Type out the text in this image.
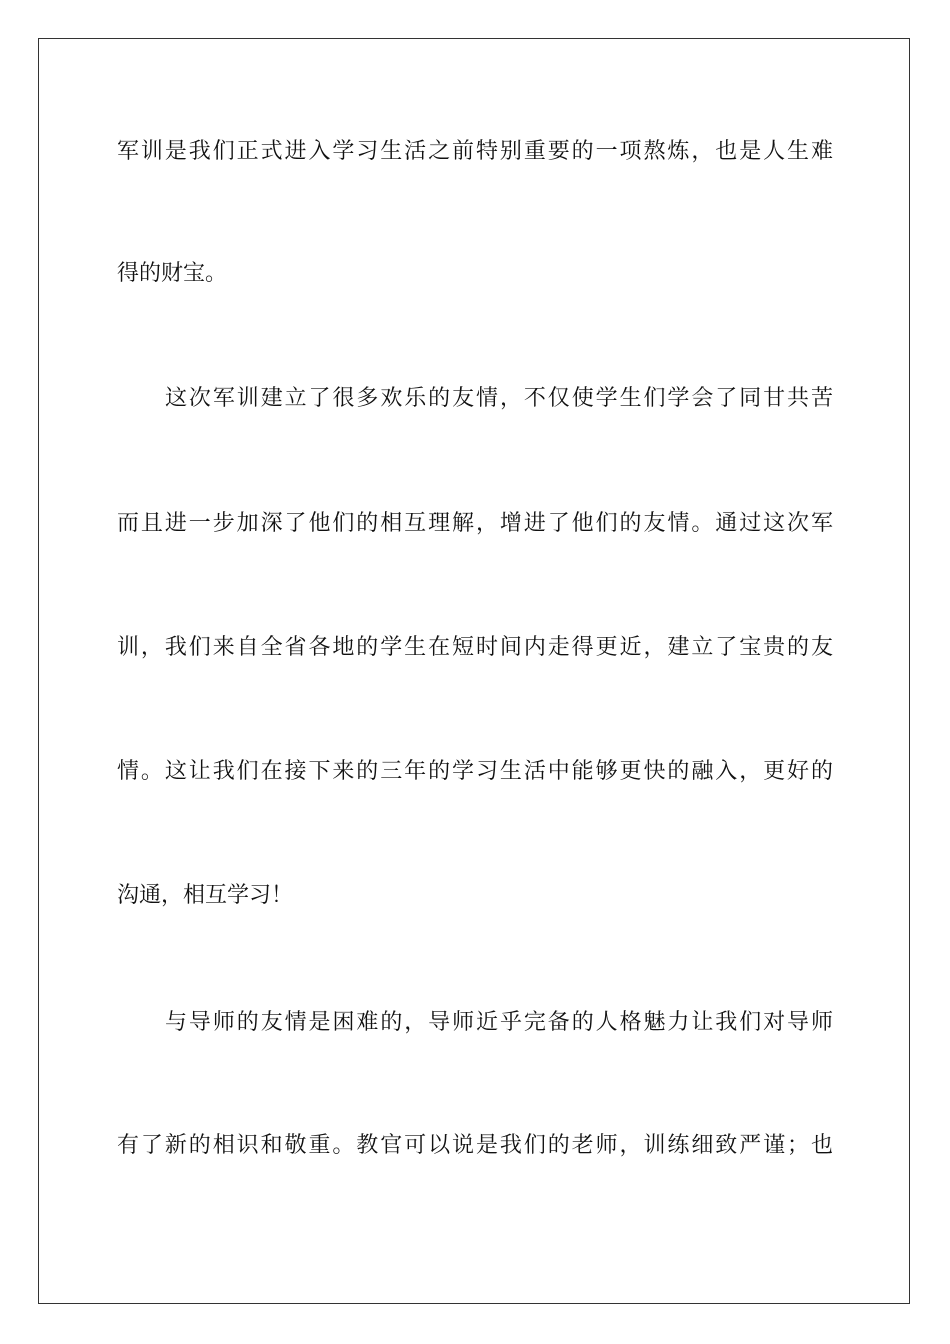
军训是我们正式进入学习生活之前特别重要的一项熬炼，也是人生难
得的财宝。
这次军训建立了很多欢乐的友情，不仅使学生们学会了同甘共苦
而且进一步加深了他们的相互理解，增进了他们的友情。通过这次军
训，我们来自全省各地的学生在短时间内走得更近，建立了宝贵的友
情。这让我们在接下来的三年的学习生活中能够更快的融入，更好的
沟通，相互学习！
与导师的友情是困难的，导师近乎完备的人格魅力让我们对导师
有了新的相识和敬重。教官可以说是我们的老师，训练细致严谨；也
